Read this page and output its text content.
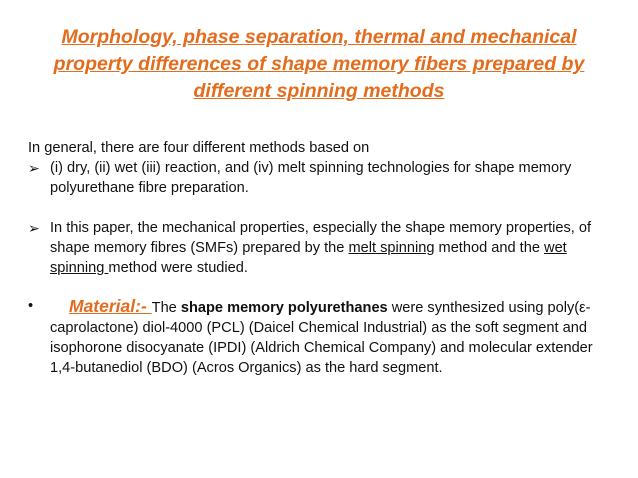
Morphology, phase separation, thermal and mechanical
property differences of shape memory fibers prepared by
different spinning methods

In general, there are four different methods based on

➢ (i) dry, (ii) wet (iii) reaction, and (iv) melt spinning technologies for shape memory polyurethane fibre preparation.

➢ In this paper, the mechanical properties, especially the shape memory properties, of shape memory fibres (SMFs) prepared by the melt spinning method and the wet spinning method were studied.

• Material:- The shape memory polyurethanes were synthesized using poly(ε-caprolactone) diol-4000 (PCL) (Daicel Chemical Industrial) as the soft segment and isophorone disocyanate (IPDI) (Aldrich Chemical Company) and molecular extender 1,4-butanediol (BDO) (Acros Organics) as the hard segment.
